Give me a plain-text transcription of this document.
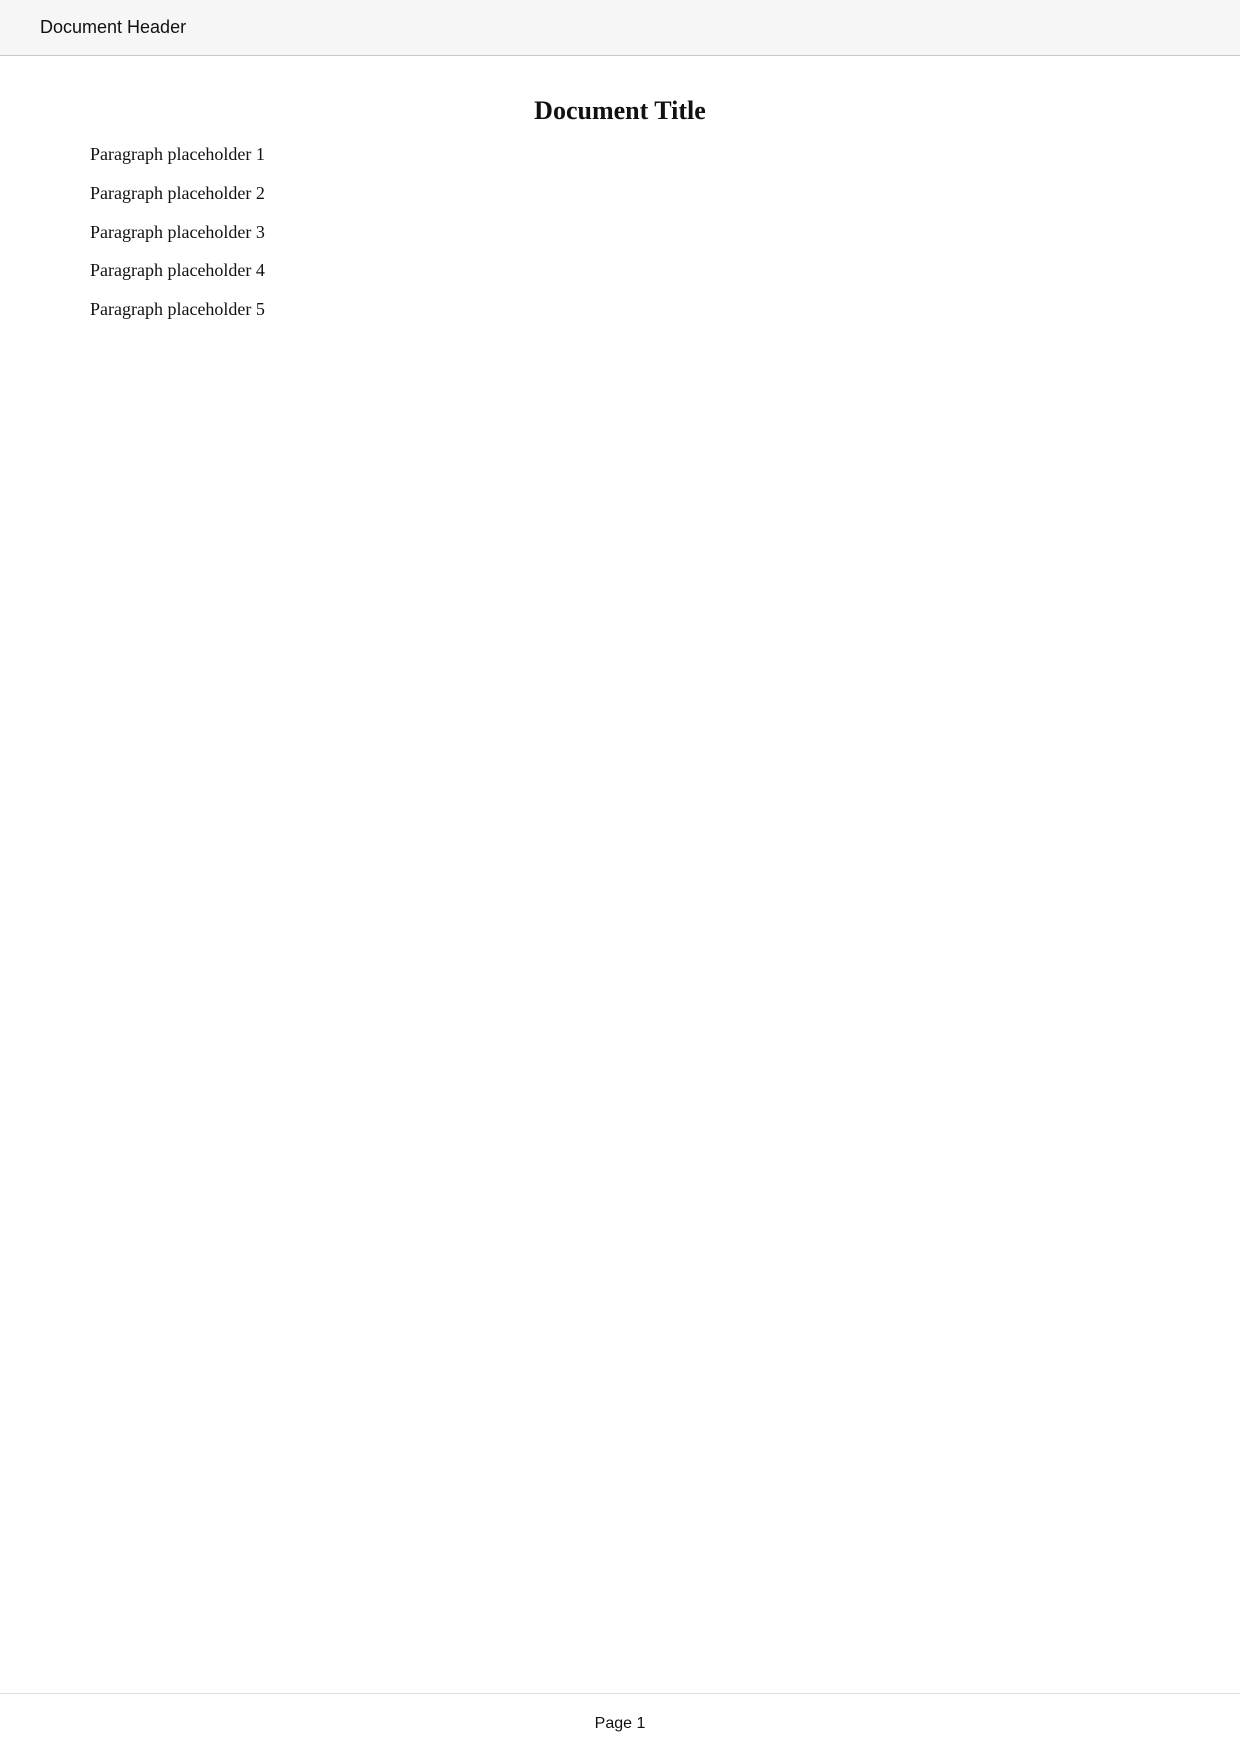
Document Header
Document Title

Paragraph placeholder 1

Paragraph placeholder 2

Paragraph placeholder 3

Paragraph placeholder 4

Paragraph placeholder 5

Page 1
